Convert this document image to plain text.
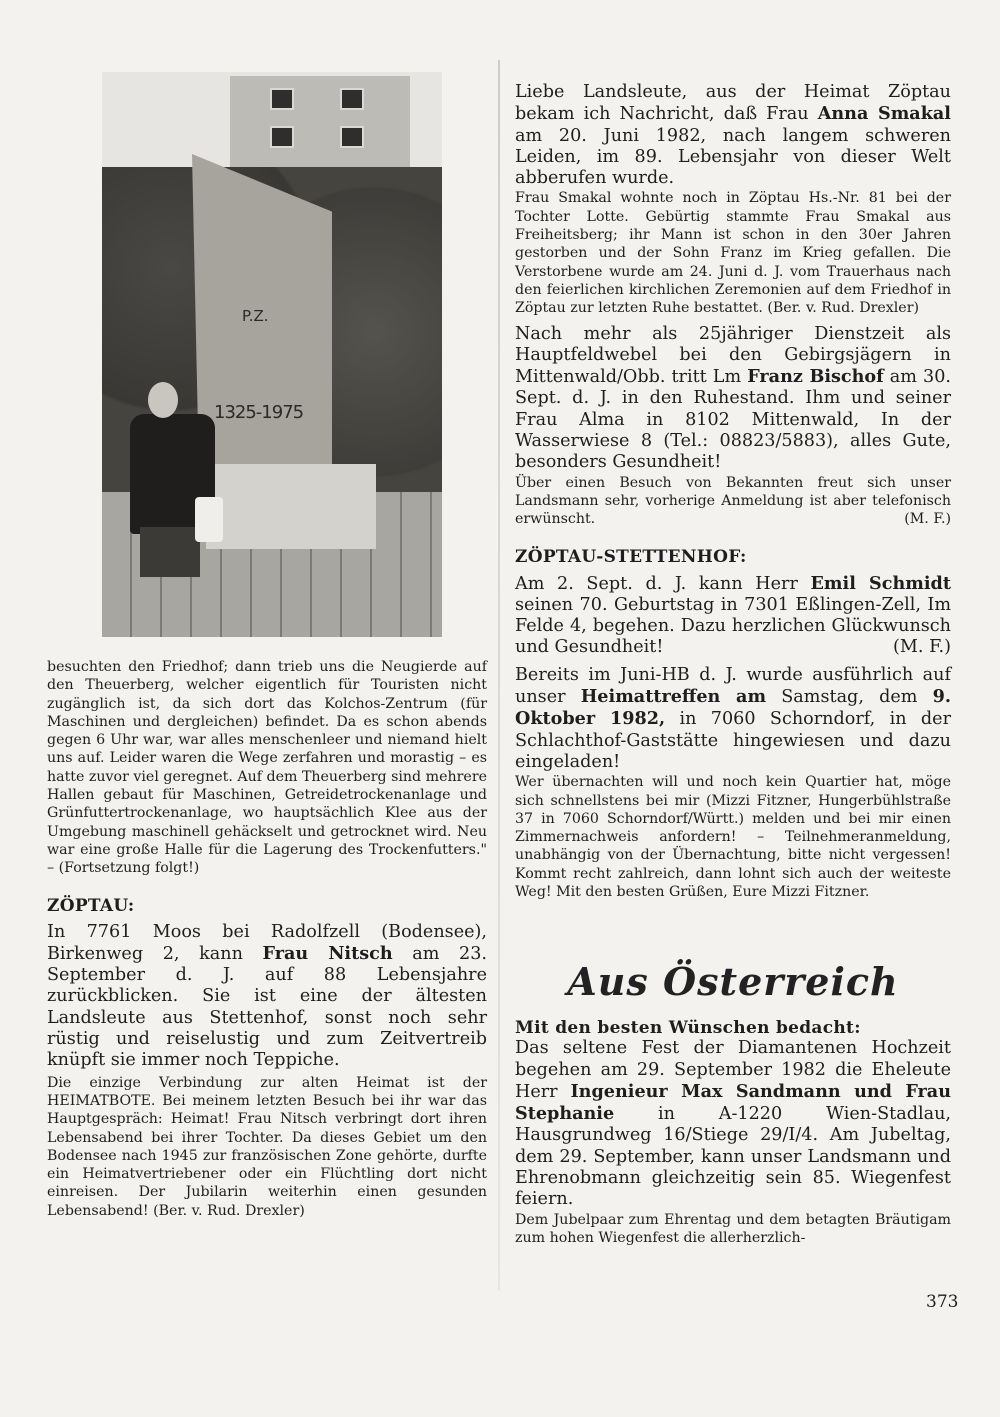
P.Z.
1325-1975

besuchten den Friedhof; dann trieb uns die Neugierde auf den Theuerberg, welcher eigentlich für Touristen nicht zugänglich ist, da sich dort das Kolchos-Zentrum (für Maschinen und dergleichen) befindet. Da es schon abends gegen 6 Uhr war, war alles menschenleer und niemand hielt uns auf. Leider waren die Wege zerfahren und morastig – es hatte zuvor viel geregnet. Auf dem Theuerberg sind mehrere Hallen gebaut für Maschinen, Getreidetrockenanlage und Grünfuttertrockenanlage, wo hauptsächlich Klee aus der Umgebung maschinell gehäckselt und getrocknet wird. Neu war eine große Halle für die Lagerung des Trockenfutters." – (Fortsetzung folgt!)

ZÖPTAU:

In 7761 Moos bei Radolfzell (Bodensee), Birkenweg 2, kann Frau Nitsch am 23. September d. J. auf 88 Lebensjahre zurückblicken. Sie ist eine der ältesten Landsleute aus Stettenhof, sonst noch sehr rüstig und reiselustig und zum Zeitvertreib knüpft sie immer noch Teppiche.

Die einzige Verbindung zur alten Heimat ist der HEIMATBOTE. Bei meinem letzten Besuch bei ihr war das Hauptgespräch: Heimat! Frau Nitsch verbringt dort ihren Lebensabend bei ihrer Tochter. Da dieses Gebiet um den Bodensee nach 1945 zur französischen Zone gehörte, durfte ein Heimatvertriebener oder ein Flüchtling dort nicht einreisen. Der Jubilarin weiterhin einen gesunden Lebensabend! (Ber. v. Rud. Drexler)

Liebe Landsleute, aus der Heimat Zöptau bekam ich Nachricht, daß Frau Anna Smakal am 20. Juni 1982, nach langem schweren Leiden, im 89. Lebensjahr von dieser Welt abberufen wurde.

Frau Smakal wohnte noch in Zöptau Hs.-Nr. 81 bei der Tochter Lotte. Gebürtig stammte Frau Smakal aus Freiheitsberg; ihr Mann ist schon in den 30er Jahren gestorben und der Sohn Franz im Krieg gefallen. Die Verstorbene wurde am 24. Juni d. J. vom Trauerhaus nach den feierlichen kirchlichen Zeremonien auf dem Friedhof in Zöptau zur letzten Ruhe bestattet. (Ber. v. Rud. Drexler)

Nach mehr als 25jähriger Dienstzeit als Hauptfeldwebel bei den Gebirgsjägern in Mittenwald/Obb. tritt Lm Franz Bischof am 30. Sept. d. J. in den Ruhestand. Ihm und seiner Frau Alma in 8102 Mittenwald, In der Wasserwiese 8 (Tel.: 08823/5883), alles Gute, besonders Gesundheit!

Über einen Besuch von Bekannten freut sich unser Landsmann sehr, vorherige Anmeldung ist aber telefonisch erwünscht.	(M. F.)

ZÖPTAU-STETTENHOF:

Am 2. Sept. d. J. kann Herr Emil Schmidt seinen 70. Geburtstag in 7301 Eßlingen-Zell, Im Felde 4, begehen. Dazu herzlichen Glückwunsch und Gesundheit!	(M. F.)

Bereits im Juni-HB d. J. wurde ausführlich auf unser Heimattreffen am Samstag, dem 9. Oktober 1982, in 7060 Schorndorf, in der Schlachthof-Gaststätte hingewiesen und dazu eingeladen!

Wer übernachten will und noch kein Quartier hat, möge sich schnellstens bei mir (Mizzi Fitzner, Hungerbühlstraße 37 in 7060 Schorndorf/Württ.) melden und bei mir einen Zimmernachweis anfordern! – Teilnehmeranmeldung, unabhängig von der Übernachtung, bitte nicht vergessen! Kommt recht zahlreich, dann lohnt sich auch der weiteste Weg! Mit den besten Grüßen, Eure Mizzi Fitzner.

Aus Österreich

Mit den besten Wünschen bedacht:

Das seltene Fest der Diamantenen Hochzeit begehen am 29. September 1982 die Eheleute Herr Ingenieur Max Sandmann und Frau Stephanie in A-1220 Wien-Stadlau, Hausgrundweg 16/Stiege 29/I/4. Am Jubeltag, dem 29. September, kann unser Landsmann und Ehrenobmann gleichzeitig sein 85. Wiegenfest feiern.

Dem Jubelpaar zum Ehrentag und dem betagten Bräutigam zum hohen Wiegenfest die allerherzlich-

373
